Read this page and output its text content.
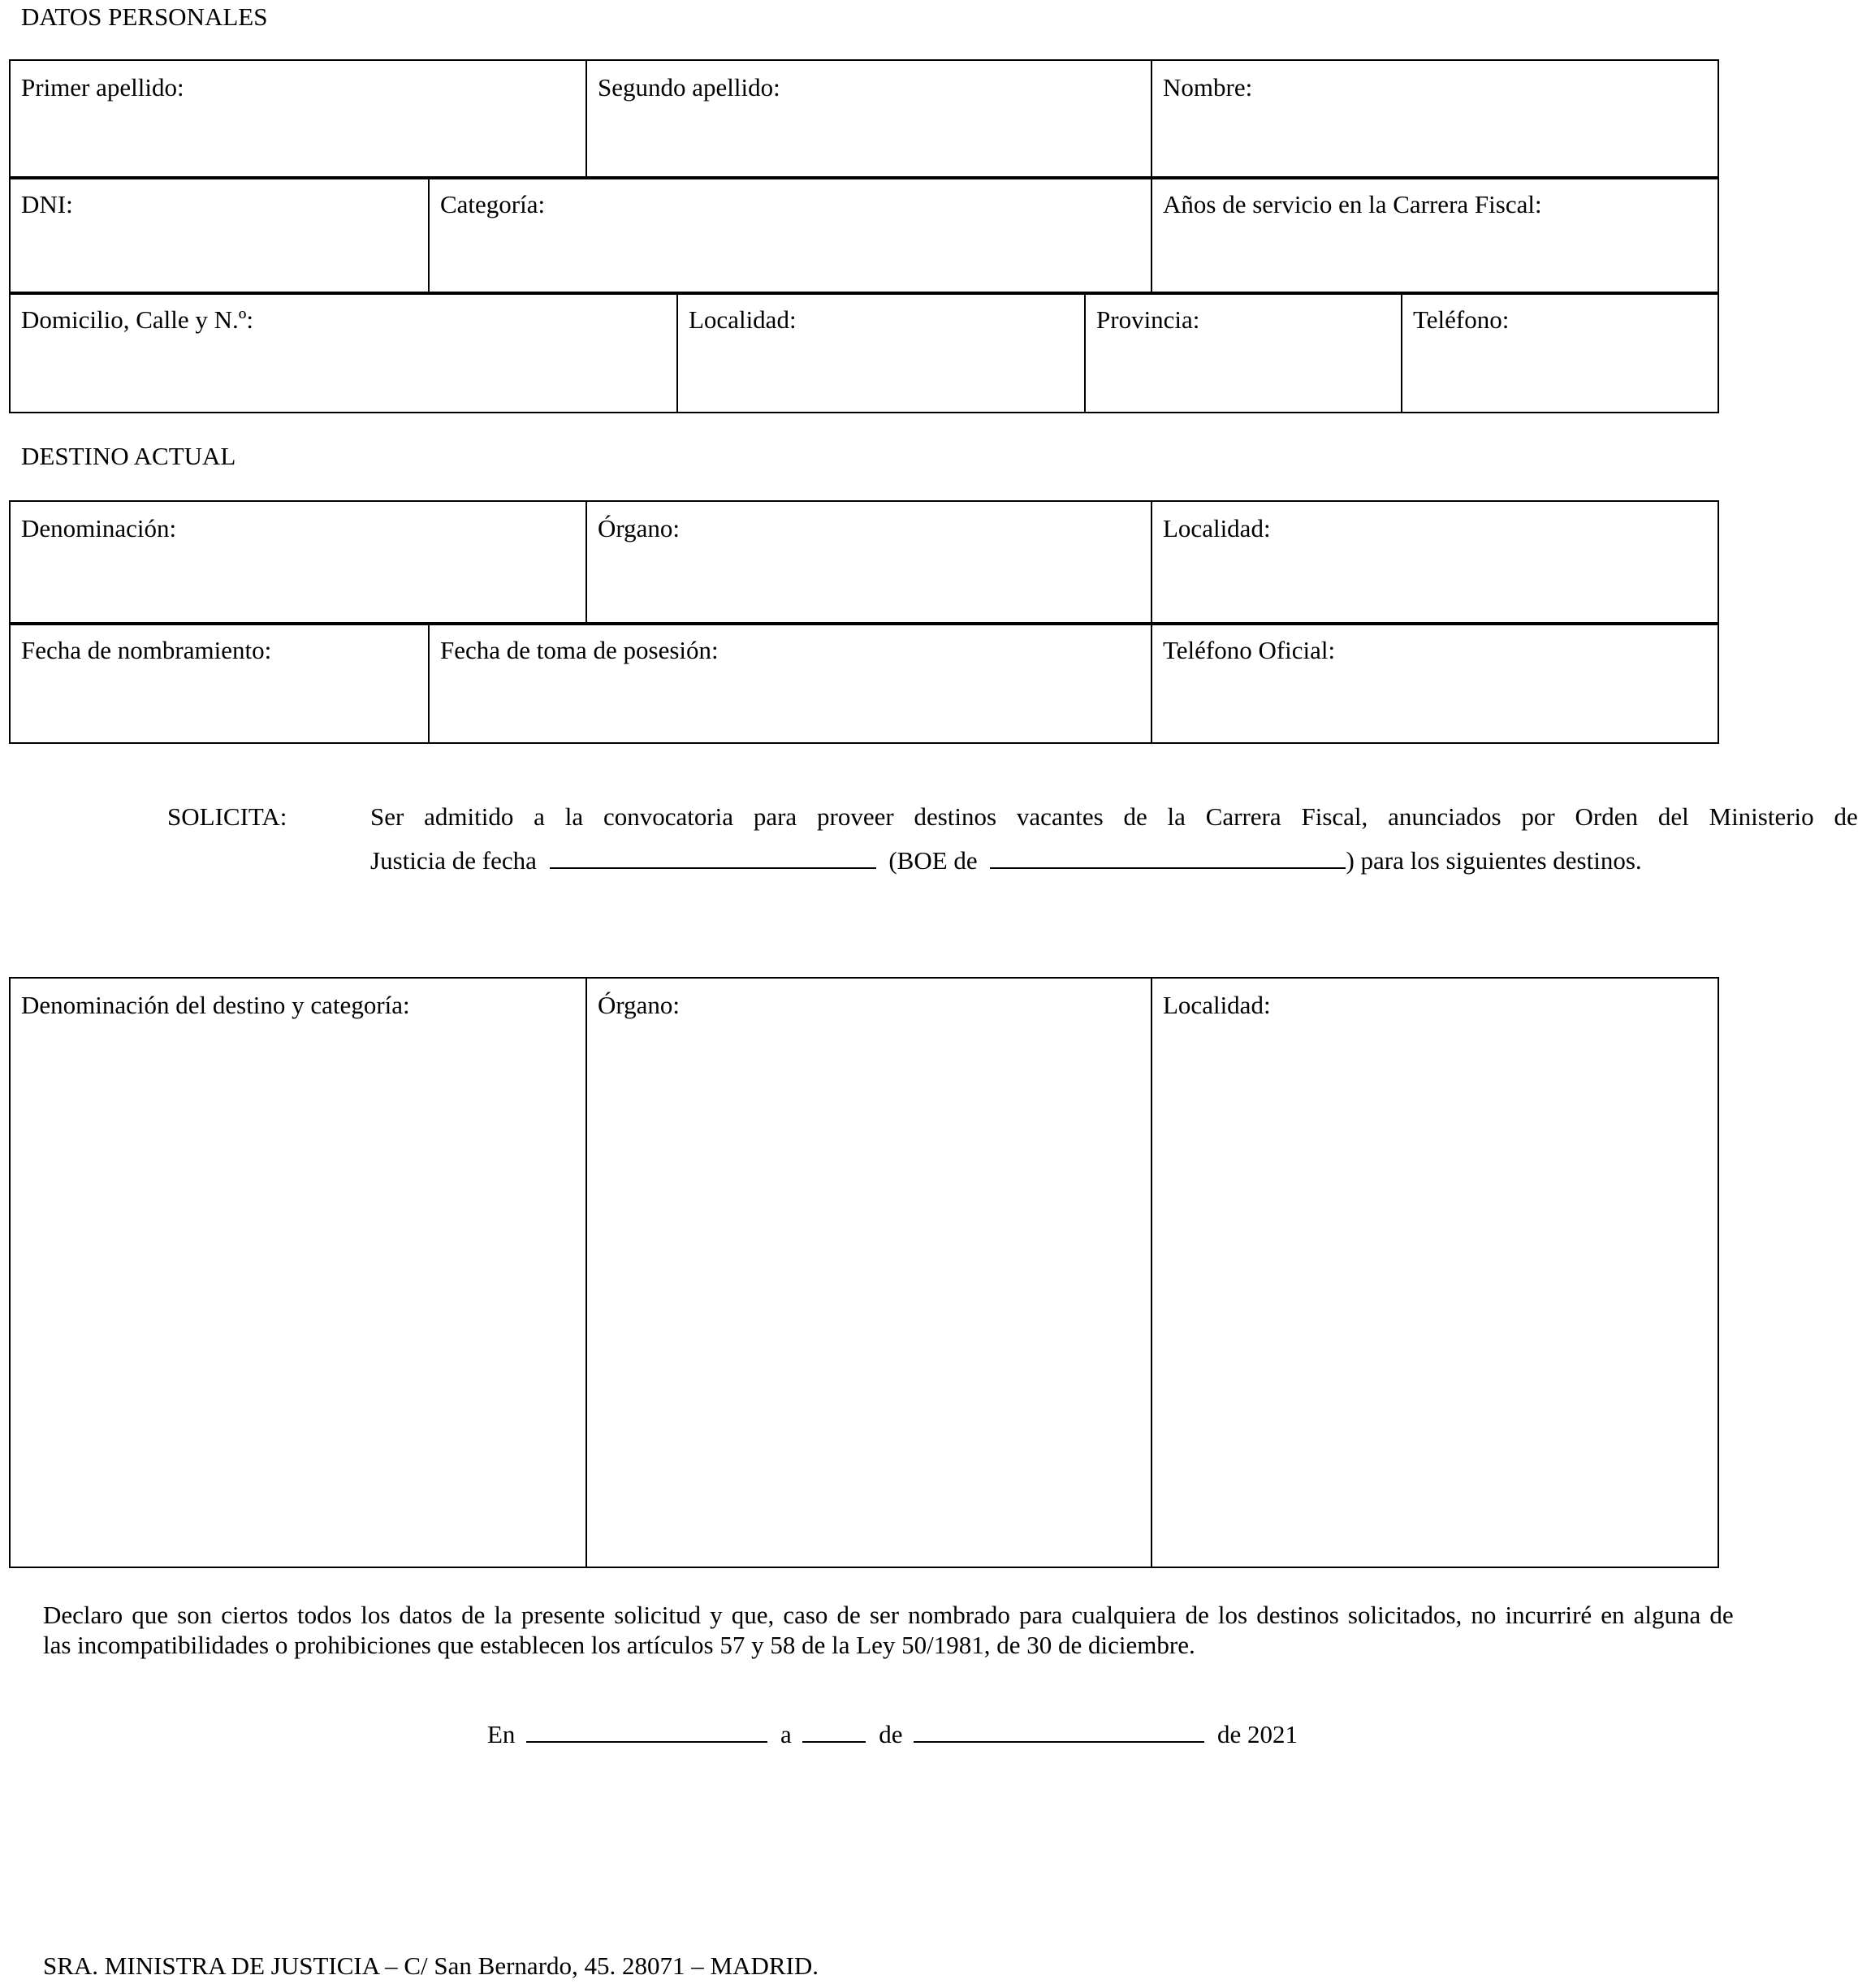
DATOS PERSONALES
Primer apellido:	Segundo apellido:	Nombre:
DNI:	Categoría:	Años de servicio en la Carrera Fiscal:
Domicilio, Calle y N.º:	Localidad:	Provincia:	Teléfono:
DESTINO ACTUAL
Denominación:	Órgano:	Localidad:
Fecha de nombramiento:	Fecha de toma de posesión:	Teléfono Oficial:
SOLICITA:	Ser admitido a la convocatoria para proveer destinos vacantes de la Carrera Fiscal, anunciados por Orden del Ministerio de
Justicia de fecha	(BOE de	) para los siguientes destinos.
Denominación del destino y categoría:	Órgano:	Localidad:
Declaro que son ciertos todos los datos de la presente solicitud y que, caso de ser nombrado para cualquiera de los destinos solicitados, no incurriré en alguna de
las incompatibilidades o prohibiciones que establecen los artículos 57 y 58 de la Ley 50/1981, de 30 de diciembre.
En	a	de	de 2021
SRA. MINISTRA DE JUSTICIA – C/ San Bernardo, 45. 28071 – MADRID.
